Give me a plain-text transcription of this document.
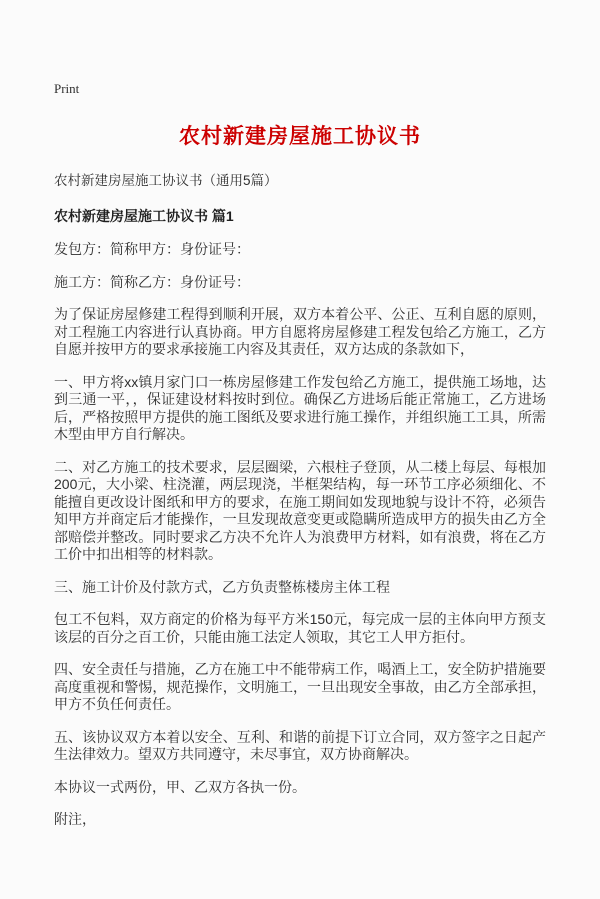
Print
农村新建房屋施工协议书
农村新建房屋施工协议书（通用5篇）
农村新建房屋施工协议书 篇1

发包方：简称甲方：身份证号：

施工方：简称乙方：身份证号：

为了保证房屋修建工程得到顺利开展，双方本着公平、公正、互利自愿的原则，对工程施工内容进行认真协商。甲方自愿将房屋修建工程发包给乙方施工，乙方自愿并按甲方的要求承接施工内容及其责任，双方达成的条款如下，

一、甲方将xx镇月家门口一栋房屋修建工作发包给乙方施工，提供施工场地，达到三通一平，，保证建设材料按时到位。确保乙方进场后能正常施工，乙方进场后，严格按照甲方提供的施工图纸及要求进行施工操作，并组织施工工具，所需木型由甲方自行解决。

二、对乙方施工的技术要求，层层圈梁，六根柱子登顶，从二楼上每层、每根加200元，大小梁、柱浇灌，两层现浇，半框架结构，每一环节工序必须细化、不能擅自更改设计图纸和甲方的要求，在施工期间如发现地貌与设计不符，必须告知甲方并商定后才能操作，一旦发现故意变更或隐瞒所造成甲方的损失由乙方全部赔偿并整改。同时要求乙方决不允许人为浪费甲方材料，如有浪费，将在乙方工价中扣出相等的材料款。

三、施工计价及付款方式，乙方负责整栋楼房主体工程

包工不包料，双方商定的价格为每平方米150元，每完成一层的主体向甲方预支该层的百分之百工价，只能由施工法定人领取，其它工人甲方拒付。

四、安全责任与措施，乙方在施工中不能带病工作，喝酒上工，安全防护措施要高度重视和警惕，规范操作，文明施工，一旦出现安全事故，由乙方全部承担，甲方不负任何责任。

五、该协议双方本着以安全、互利、和谐的前提下订立合同，双方签字之日起产生法律效力。望双方共同遵守，未尽事宜，双方协商解决。

本协议一式两份，甲、乙双方各执一份。

附注，
